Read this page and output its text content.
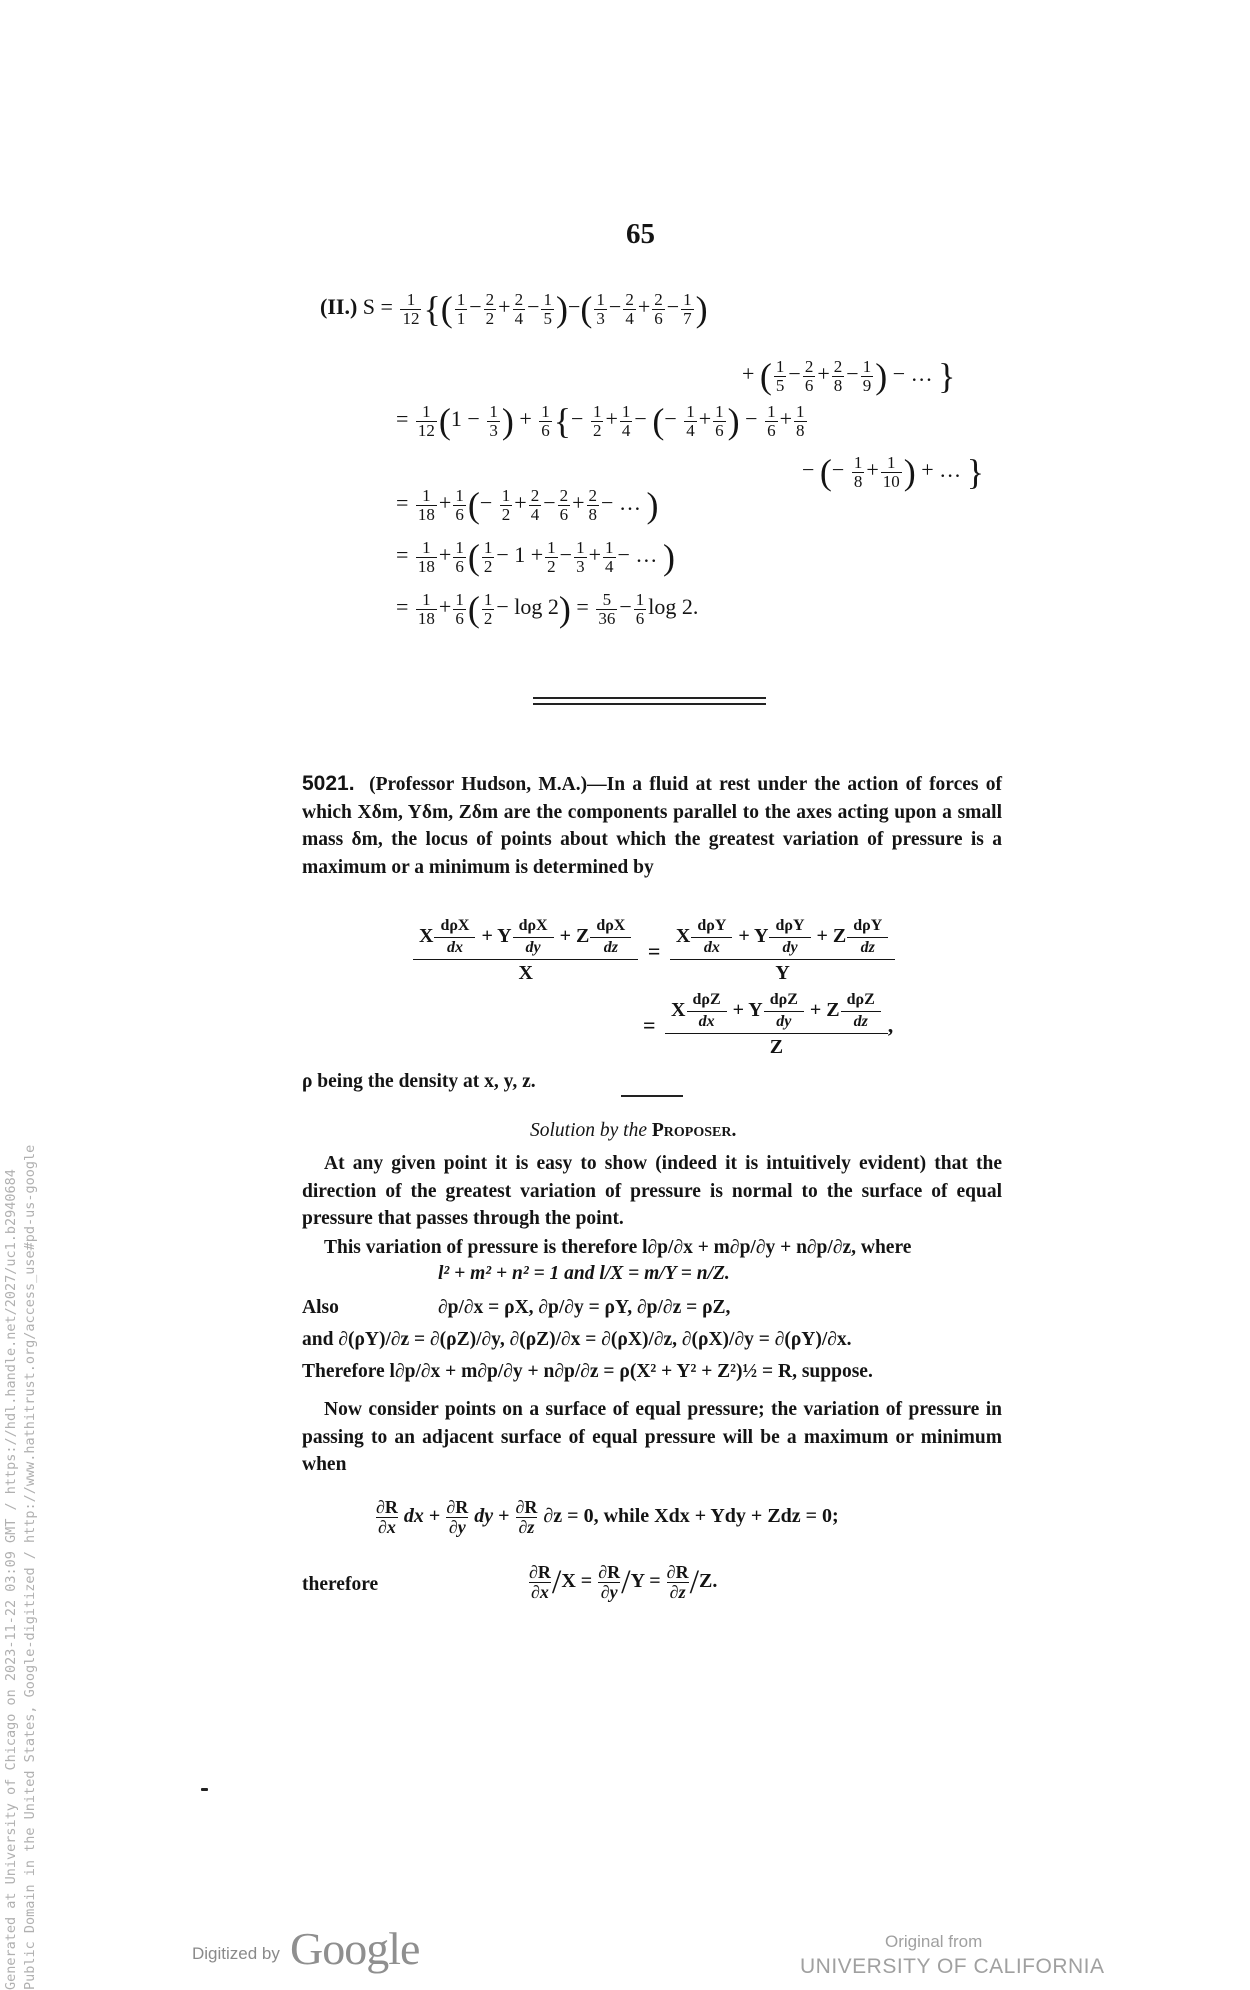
65
(II.) $S = \frac{1}{12}$ {( $\frac{1}{1} - \frac{2}{2} + \frac{2}{4} - \frac{1}{5}$ )−( $\frac{1}{3} - \frac{2}{4} + \frac{2}{6} - \frac{1}{7}$ )
+ ( $\frac{1}{5} - \frac{2}{6} + \frac{2}{8} - \frac{1}{9}$ ) − … }
= $\frac{1}{12} (1 - \frac{1}{3}$ ) + $\frac{1}{6}$ {− $\frac{1}{2} + \frac{1}{4}$ − (− $\frac{1}{4} + \frac{1}{6}$ ) − $\frac{1}{6} + \frac{1}{8}$
− (− $\frac{1}{8} + \frac{1}{10}$ ) + … }
= $\frac{1}{18} + \frac{1}{6}$ (− $\frac{1}{2} + \frac{2}{4} - \frac{2}{6} + \frac{2}{8}$ − … )
= $\frac{1}{18} + \frac{1}{6}$ ( $\frac{1}{2} - 1 + \frac{1}{2} - \frac{1}{3} + \frac{1}{4}$ − … )
= $\frac{1}{18} + \frac{1}{6}$ ( $\frac{1}{2} - \log 2) = \frac{5}{36} - \frac{1}{6}$ log 2.
5021. (Professor Hudson, M.A.)—In a fluid at rest under the action of forces of which Xδm, Yδm, Zδm are the components parallel to the axes acting upon a small mass δm, the locus of points about which the greatest variation of pressure is a maximum or a minimum is determined by
X dρX
dx
+ Y dρX
dy
+ Z dρX
dz
X
=
X dρY
dx
+ Y dρY
dy
+ Z dρY
dz
Y
=
X dρZ
dx
+ Y dρZ
dy
+ Z dρZ
dz
Z
,
ρ being the density at x, y, z.
Solution by the Proposer.
At any given point it is easy to show (indeed it is intuitively evident) that the direction of the greatest variation of pressure is normal to the surface of equal pressure that passes through the point.
This variation of pressure is therefore l∂p/∂x + m∂p/∂y + n∂p/∂z, where
l² + m² + n² = 1 and l/X = m/Y = n/Z.
Also	∂p/∂x = ρX, ∂p/∂y = ρY, ∂p/∂z = ρZ,
and ∂(ρY)/∂z = ∂(ρZ)/∂y, ∂(ρZ)/∂x = ∂(ρX)/∂z, ∂(ρX)/∂y = ∂(ρY)/∂x.
Therefore l∂p/∂x + m∂p/∂y + n∂p/∂z = ρ(X² + Y² + Z²)½ = R, suppose.
Now consider points on a surface of equal pressure; the variation of pressure in passing to an adjacent surface of equal pressure will be a maximum or minimum when
$\frac{\partial R}{\partial x}$ dx + $\frac{\partial R}{\partial y}$ dy + $\frac{\partial R}{\partial z} \partial z = 0$, while Xdx + Ydy + Zdz = 0;
therefore	$\frac{\partial R}{\partial x} /X = \frac{\partial R}{\partial y} /Y = \frac{\partial R}{\partial z} /Z$.
Digitized by Google	Original from
UNIVERSITY OF CALIFORNIA
Generated at University of Chicago on 2023-11-22 03:09 GMT / https://hdl.handle.net/2027/uc1.b2940684 Public Domain in the United States, Google-digitized / http://www.hathitrust.org/access_use#pd-us-google
